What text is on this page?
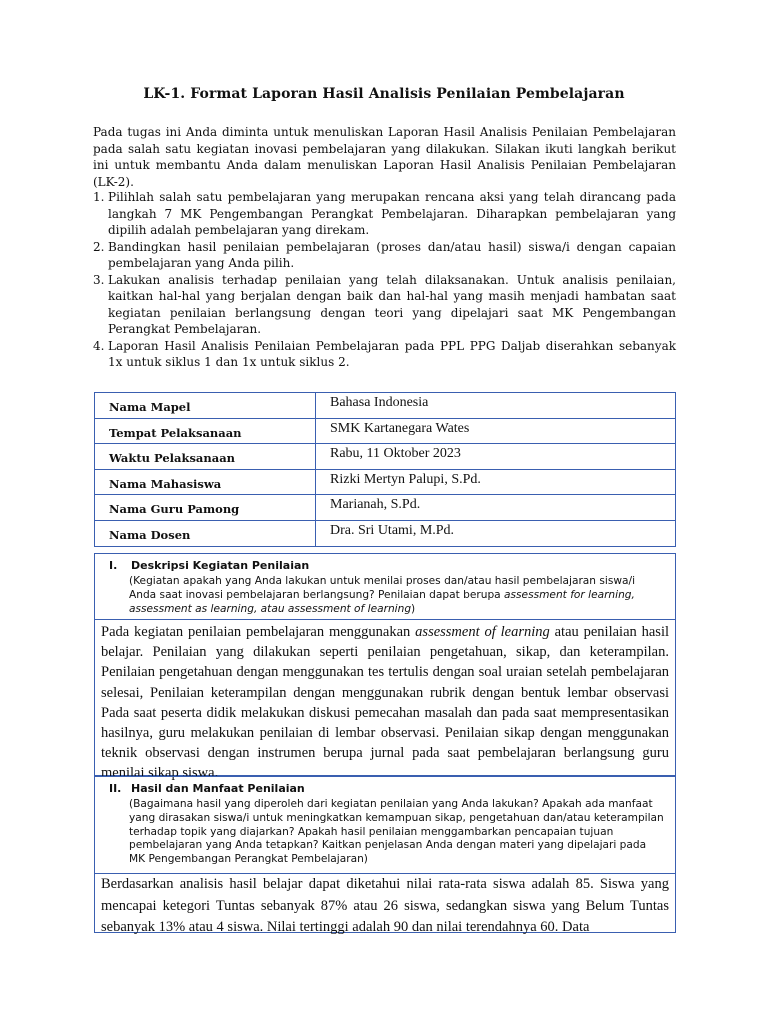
LK-1. Format Laporan Hasil Analisis Penilaian Pembelajaran

Pada tugas ini Anda diminta untuk menuliskan Laporan Hasil Analisis Penilaian Pembelajaran pada salah satu kegiatan inovasi pembelajaran yang dilakukan. Silakan ikuti langkah berikut ini untuk membantu Anda dalam menuliskan Laporan Hasil Analisis Penilaian Pembelajaran (LK-2).

1. Pilihlah salah satu pembelajaran yang merupakan rencana aksi yang telah dirancang pada langkah 7 MK Pengembangan Perangkat Pembelajaran. Diharapkan pembelajaran yang dipilih adalah pembelajaran yang direkam.
2. Bandingkan hasil penilaian pembelajaran (proses dan/atau hasil) siswa/i dengan capaian pembelajaran yang Anda pilih.
3. Lakukan analisis terhadap penilaian yang telah dilaksanakan. Untuk analisis penilaian, kaitkan hal-hal yang berjalan dengan baik dan hal-hal yang masih menjadi hambatan saat kegiatan penilaian berlangsung dengan teori yang dipelajari saat MK Pengembangan Perangkat Pembelajaran.
4. Laporan Hasil Analisis Penilaian Pembelajaran pada PPL PPG Daljab diserahkan sebanyak 1x untuk siklus 1 dan 1x untuk siklus 2.
Nama Mapel	Bahasa Indonesia
Tempat Pelaksanaan	SMK Kartanegara Wates
Waktu Pelaksanaan	Rabu, 11 Oktober 2023
Nama Mahasiswa	Rizki Mertyn Palupi, S.Pd.
Nama Guru Pamong	Marianah, S.Pd.
Nama Dosen	Dra. Sri Utami, M.Pd.
I. Deskripsi Kegiatan Penilaian
(Kegiatan apakah yang Anda lakukan untuk menilai proses dan/atau hasil pembelajaran siswa/i Anda saat inovasi pembelajaran berlangsung? Penilaian dapat berupa assessment for learning, assessment as learning, atau assessment of learning)

Pada kegiatan penilaian pembelajaran menggunakan assessment of learning atau penilaian hasil belajar. Penilaian yang dilakukan seperti penilaian pengetahuan, sikap, dan keterampilan. Penilaian pengetahuan dengan menggunakan tes tertulis dengan soal uraian setelah pembelajaran selesai, Penilaian keterampilan dengan menggunakan rubrik dengan bentuk lembar observasi Pada saat peserta didik melakukan diskusi pemecahan masalah dan pada saat mempresentasikan hasilnya, guru melakukan penilaian di lembar observasi. Penilaian sikap dengan menggunakan teknik observasi dengan instrumen berupa jurnal pada saat pembelajaran berlangsung guru menilai sikap siswa.

II. Hasil dan Manfaat Penilaian
(Bagaimana hasil yang diperoleh dari kegiatan penilaian yang Anda lakukan? Apakah ada manfaat yang dirasakan siswa/i untuk meningkatkan kemampuan sikap, pengetahuan dan/atau keterampilan terhadap topik yang diajarkan? Apakah hasil penilaian menggambarkan pencapaian tujuan pembelajaran yang Anda tetapkan? Kaitkan penjelasan Anda dengan materi yang dipelajari pada MK Pengembangan Perangkat Pembelajaran)

Berdasarkan analisis hasil belajar dapat diketahui nilai rata-rata siswa adalah 85. Siswa yang mencapai ketegori Tuntas sebanyak 87% atau 26 siswa, sedangkan siswa yang Belum Tuntas sebanyak 13% atau 4 siswa. Nilai tertinggi adalah 90 dan nilai terendahnya 60. Data
